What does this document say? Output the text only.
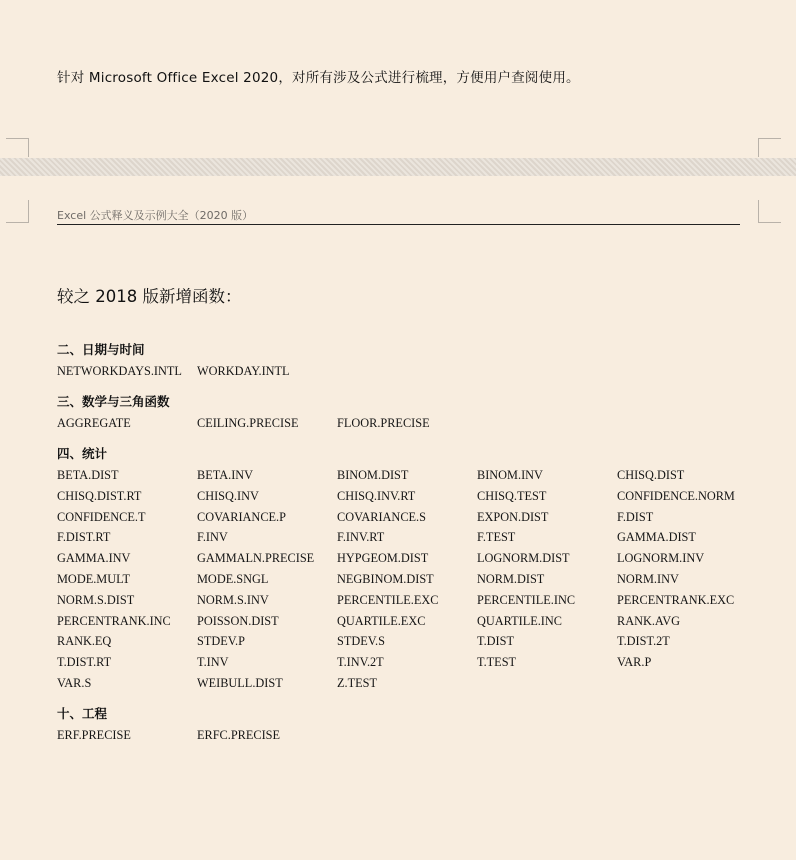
针对 Microsoft Office Excel 2020，对所有涉及公式进行梳理，方便用户查阅使用。
Excel 公式释义及示例大全（2020 版）
较之 2018 版新增函数：
二、日期与时间
NETWORKDAYS.INTL WORKDAY.INTL
三、数学与三角函数
AGGREGATE	CEILING.PRECISE	FLOOR.PRECISE
四、统计
BETA.DIST	BETA.INV	BINOM.DIST	BINOM.INV	CHISQ.DIST
CHISQ.DIST.RT	CHISQ.INV	CHISQ.INV.RT	CHISQ.TEST	CONFIDENCE.NORM
CONFIDENCE.T	COVARIANCE.P	COVARIANCE.S	EXPON.DIST	F.DIST
F.DIST.RT	F.INV	F.INV.RT	F.TEST	GAMMA.DIST
GAMMA.INV	GAMMALN.PRECISE HYPGEOM.DIST	LOGNORM.DIST	LOGNORM.INV
MODE.MULT	MODE.SNGL	NEGBINOM.DIST	NORM.DIST	NORM.INV
NORM.S.DIST	NORM.S.INV	PERCENTILE.EXC	PERCENTILE.INC	PERCENTRANK.EXC
PERCENTRANK.INC POISSON.DIST	QUARTILE.EXC	QUARTILE.INC	RANK.AVG
RANK.EQ	STDEV.P	STDEV.S	T.DIST	T.DIST.2T
T.DIST.RT	T.INV	T.INV.2T	T.TEST	VAR.P
VAR.S	WEIBULL.DIST	Z.TEST
十、工程
ERF.PRECISE	ERFC.PRECISE
